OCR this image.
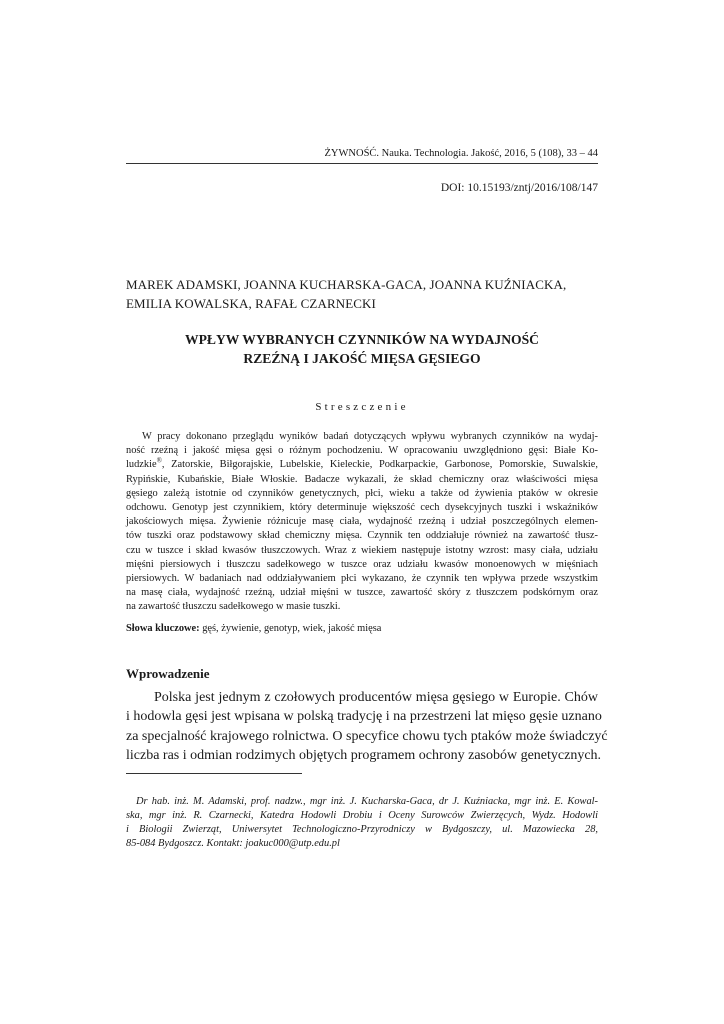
ŻYWNOŚĆ. Nauka. Technologia. Jakość, 2016, 5 (108), 33 – 44
DOI: 10.15193/zntj/2016/108/147
MAREK ADAMSKI, JOANNA KUCHARSKA-GACA, JOANNA KUŹNIACKA,
EMILIA KOWALSKA, RAFAŁ CZARNECKI
WPŁYW WYBRANYCH CZYNNIKÓW NA WYDAJNOŚĆ
RZEŹNĄ I JAKOŚĆ MIĘSA GĘSIEGO
Streszczenie
W pracy dokonano przeglądu wyników badań dotyczących wpływu wybranych czynników na wydaj-
ność rzeźną i jakość mięsa gęsi o różnym pochodzeniu. W opracowaniu uwzględniono gęsi: Białe Ko-
ludzkie®, Zatorskie, Biłgorajskie, Lubelskie, Kieleckie, Podkarpackie, Garbonose, Pomorskie, Suwalskie,
Rypińskie, Kubańskie, Białe Włoskie. Badacze wykazali, że skład chemiczny oraz właściwości mięsa
gęsiego zależą istotnie od czynników genetycznych, płci, wieku a także od żywienia ptaków w okresie
odchowu. Genotyp jest czynnikiem, który determinuje większość cech dysekcyjnych tuszki i wskaźników
jakościowych mięsa. Żywienie różnicuje masę ciała, wydajność rzeźną i udział poszczególnych elemen-
tów tuszki oraz podstawowy skład chemiczny mięsa. Czynnik ten oddziałuje również na zawartość tłusz-
czu w tuszce i skład kwasów tłuszczowych. Wraz z wiekiem następuje istotny wzrost: masy ciała, udziału
mięśni piersiowych i tłuszczu sadełkowego w tuszce oraz udziału kwasów monoenowych w mięśniach
piersiowych. W badaniach nad oddziaływaniem płci wykazano, że czynnik ten wpływa przede wszystkim
na masę ciała, wydajność rzeźną, udział mięśni w tuszce, zawartość skóry z tłuszczem podskórnym oraz
na zawartość tłuszczu sadełkowego w masie tuszki.
Słowa kluczowe: gęś, żywienie, genotyp, wiek, jakość mięsa
Wprowadzenie
Polska jest jednym z czołowych producentów mięsa gęsiego w Europie. Chów
i hodowla gęsi jest wpisana w polską tradycję i na przestrzeni lat mięso gęsie uznano
za specjalność krajowego rolnictwa. O specyfice chowu tych ptaków może świadczyć
liczba ras i odmian rodzimych objętych programem ochrony zasobów genetycznych.
Dr hab. inż. M. Adamski, prof. nadzw., mgr inż. J. Kucharska-Gaca, dr J. Kuźniacka, mgr inż. E. Kowal-
ska, mgr inż. R. Czarnecki, Katedra Hodowli Drobiu i Oceny Surowców Zwierzęcych, Wydz. Hodowli
i Biologii Zwierząt, Uniwersytet Technologiczno-Przyrodniczy w Bydgoszczy, ul. Mazowiecka 28,
85-084 Bydgoszcz. Kontakt: joakuc000@utp.edu.pl
